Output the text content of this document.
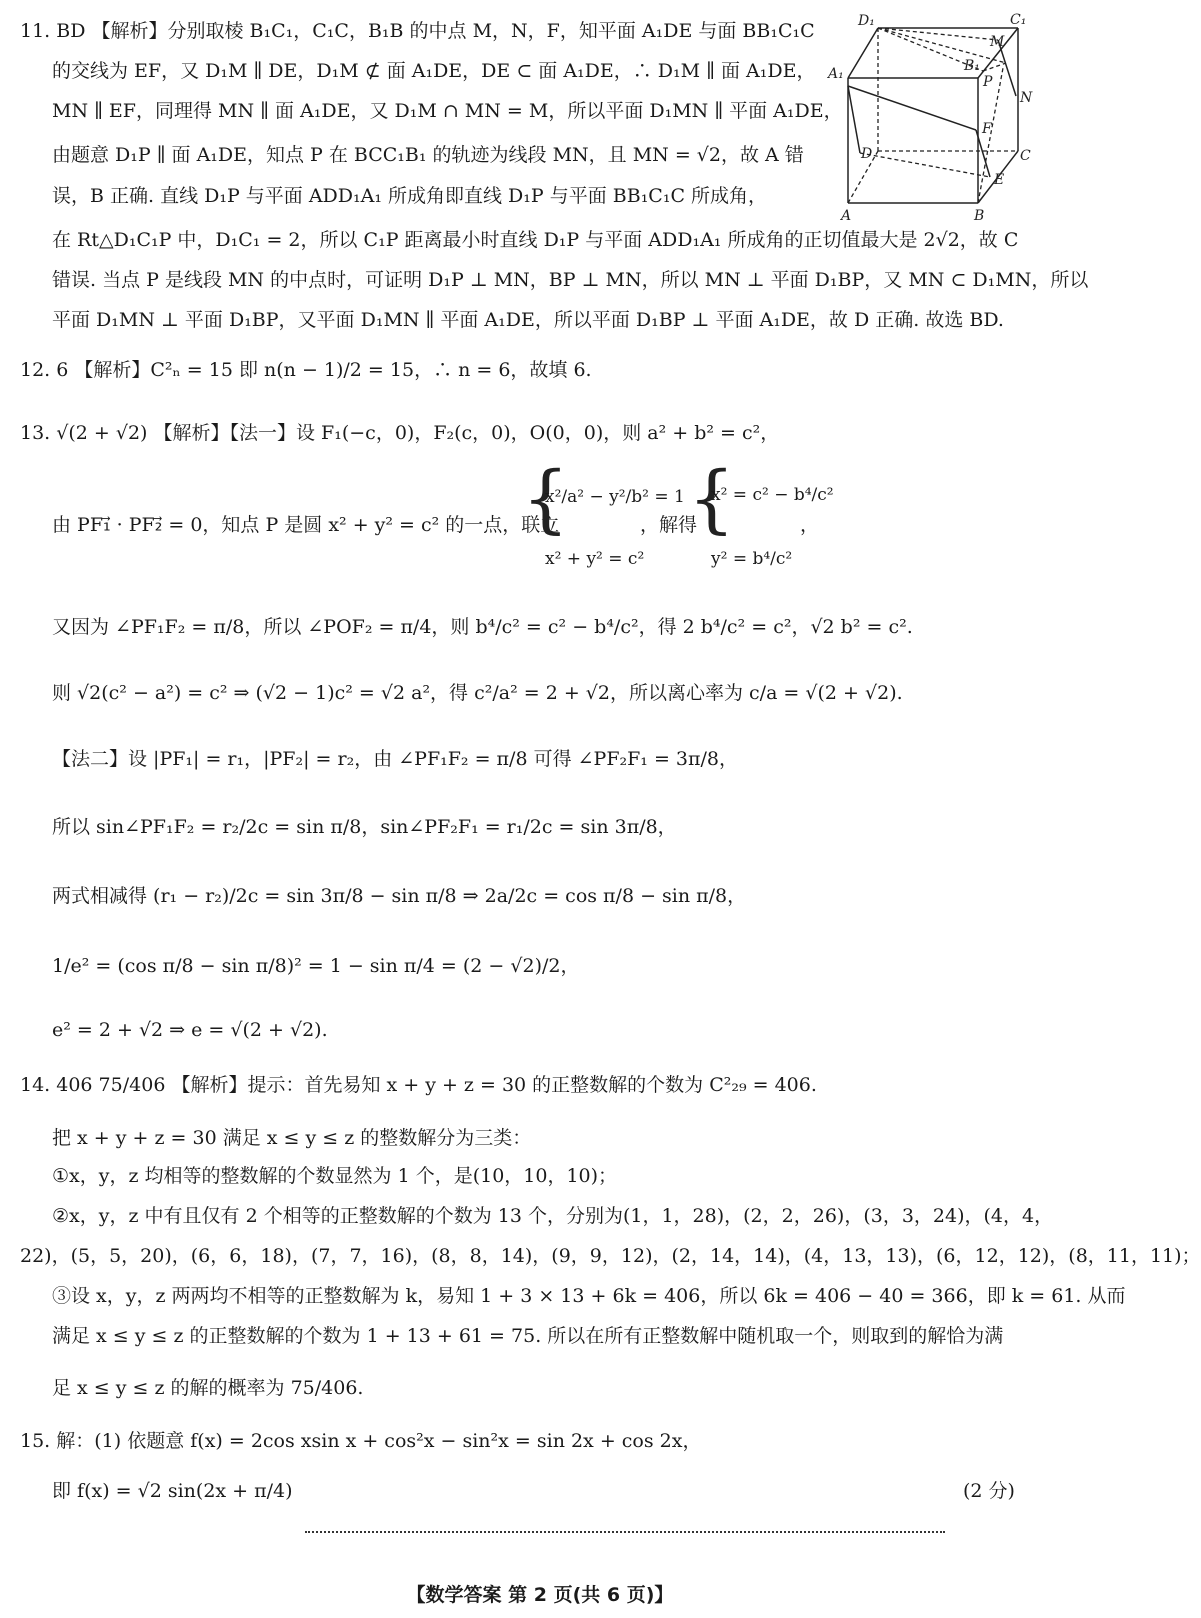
D₁	C₁
A₁	B₁
M
P
N
F
D	C
E
A	B
11. BD 【解析】分别取棱 B₁C₁，C₁C，B₁B 的中点 M，N，F，知平面 A₁DE 与面 BB₁C₁C
的交线为 EF，又 D₁M ∥ DE，D₁M ⊄ 面 A₁DE，DE ⊂ 面 A₁DE，∴ D₁M ∥ 面 A₁DE，
MN ∥ EF，同理得 MN ∥ 面 A₁DE，又 D₁M ∩ MN = M，所以平面 D₁MN ∥ 平面 A₁DE，
由题意 D₁P ∥ 面 A₁DE，知点 P 在 BCC₁B₁ 的轨迹为线段 MN，且 MN = √2，故 A 错
误，B 正确. 直线 D₁P 与平面 ADD₁A₁ 所成角即直线 D₁P 与平面 BB₁C₁C 所成角，
在 Rt△D₁C₁P 中，D₁C₁ = 2，所以 C₁P 距离最小时直线 D₁P 与平面 ADD₁A₁ 所成角的正切值最大是 2√2，故 C
错误. 当点 P 是线段 MN 的中点时，可证明 D₁P ⊥ MN，BP ⊥ MN，所以 MN ⊥ 平面 D₁BP，又 MN ⊂ D₁MN，所以
平面 D₁MN ⊥ 平面 D₁BP，又平面 D₁MN ∥ 平面 A₁DE，所以平面 D₁BP ⊥ 平面 A₁DE，故 D 正确. 故选 BD.
12. 6 【解析】C²ₙ = 15 即 n(n − 1)/2 = 15，∴ n = 6，故填 6.
13. √(2 + √2) 【解析】【法一】设 F₁(−c，0)，F₂(c，0)，O(0，0)，则 a² + b² = c²，
由 PF₁⃗ · PF₂⃗ = 0，知点 P 是圆 x² + y² = c² 的一点，联立
{
x²/a² − y²/b² = 1
x² + y² = c²
，解得
{
x² = c² − b⁴/c²
y² = b⁴/c²
，
又因为 ∠PF₁F₂ = π/8，所以 ∠POF₂ = π/4，则 b⁴/c² = c² − b⁴/c²，得 2 b⁴/c² = c²，√2 b² = c².
则 √2(c² − a²) = c² ⇒ (√2 − 1)c² = √2 a²，得 c²/a² = 2 + √2，所以离心率为 c/a = √(2 + √2).
【法二】设 |PF₁| = r₁，|PF₂| = r₂，由 ∠PF₁F₂ = π/8 可得 ∠PF₂F₁ = 3π/8，
所以 sin∠PF₁F₂ = r₂/2c = sin π/8，sin∠PF₂F₁ = r₁/2c = sin 3π/8，
两式相减得 (r₁ − r₂)/2c = sin 3π/8 − sin π/8 ⇒ 2a/2c = cos π/8 − sin π/8，
1/e² = (cos π/8 − sin π/8)² = 1 − sin π/4 = (2 − √2)/2，
e² = 2 + √2 ⇒ e = √(2 + √2).
14. 406 75/406 【解析】提示：首先易知 x + y + z = 30 的正整数解的个数为 C²₂₉ = 406.
把 x + y + z = 30 满足 x ≤ y ≤ z 的整数解分为三类：
①x，y，z 均相等的整数解的个数显然为 1 个，是(10，10，10)；
②x，y，z 中有且仅有 2 个相等的正整数解的个数为 13 个，分别为(1，1，28)，(2，2，26)，(3，3，24)，(4，4，
22)，(5，5，20)，(6，6，18)，(7，7，16)，(8，8，14)，(9，9，12)，(2，14，14)，(4，13，13)，(6，12，12)，(8，11，11)；
③设 x，y，z 两两均不相等的正整数解为 k，易知 1 + 3 × 13 + 6k = 406，所以 6k = 406 − 40 = 366，即 k = 61. 从而
满足 x ≤ y ≤ z 的正整数解的个数为 1 + 13 + 61 = 75. 所以在所有正整数解中随机取一个，则取到的解恰为满
足 x ≤ y ≤ z 的解的概率为 75/406.
15. 解：(1) 依题意 f(x) = 2cos xsin x + cos²x − sin²x = sin 2x + cos 2x，
即 f(x) = √2 sin(2x + π/4)	(2 分)
【数学答案 第 2 页(共 6 页)】
